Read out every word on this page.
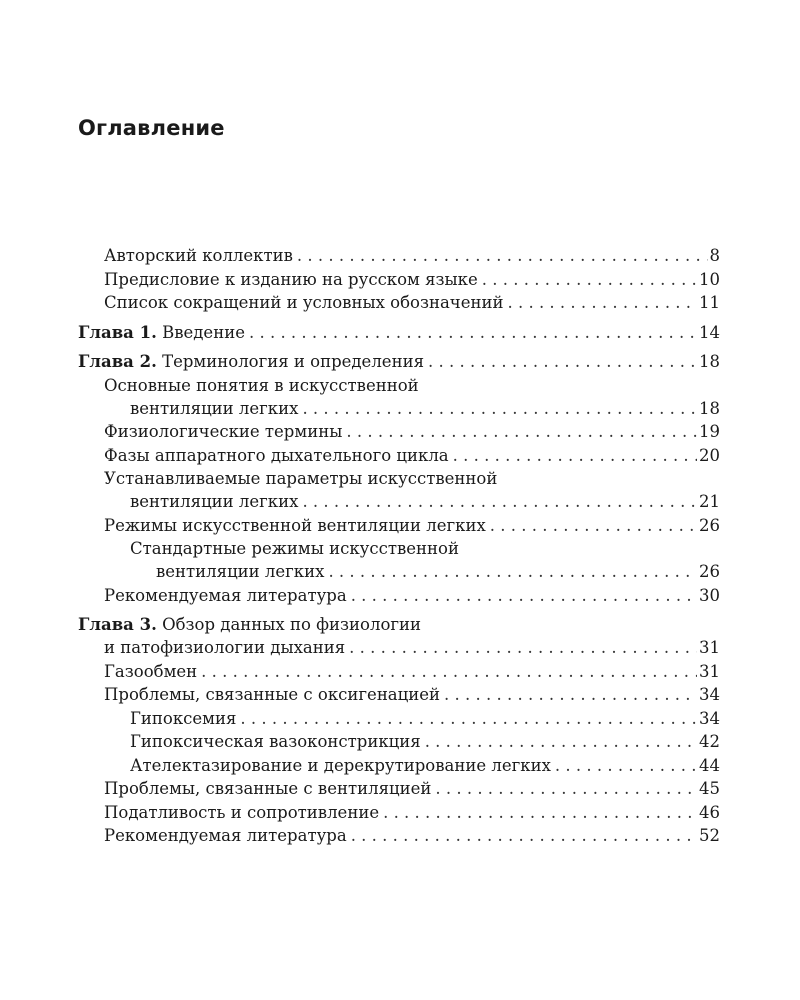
Оглавление
Авторский коллектив . . .	8
Предисловие к изданию на русском языке . . .	10
Список сокращений и условных обозначений . . .	11
Глава 1. Введение . . .	14
Глава 2. Терминология и определения . . .	18
Основные понятия в искусственной
вентиляции легких . . .	18
Физиологические термины . . .	19
Фазы аппаратного дыхательного цикла . . .	20
Устанавливаемые параметры искусственной
вентиляции легких . . .	21
Режимы искусственной вентиляции легких . . .	26
Стандартные режимы искусственной
вентиляции легких . . .	26
Рекомендуемая литература . . .	30
Глава 3. Обзор данных по физиологии
и патофизиологии дыхания . . .	31
Газообмен . . .	31
Проблемы, связанные с оксигенацией . . .	34
Гипоксемия . . .	34
Гипоксическая вазоконстрикция . . .	42
Ателектазирование и дерекрутирование легких . . .	44
Проблемы, связанные с вентиляцией . . .	45
Податливость и сопротивление . . .	46
Рекомендуемая литература . . .	52
